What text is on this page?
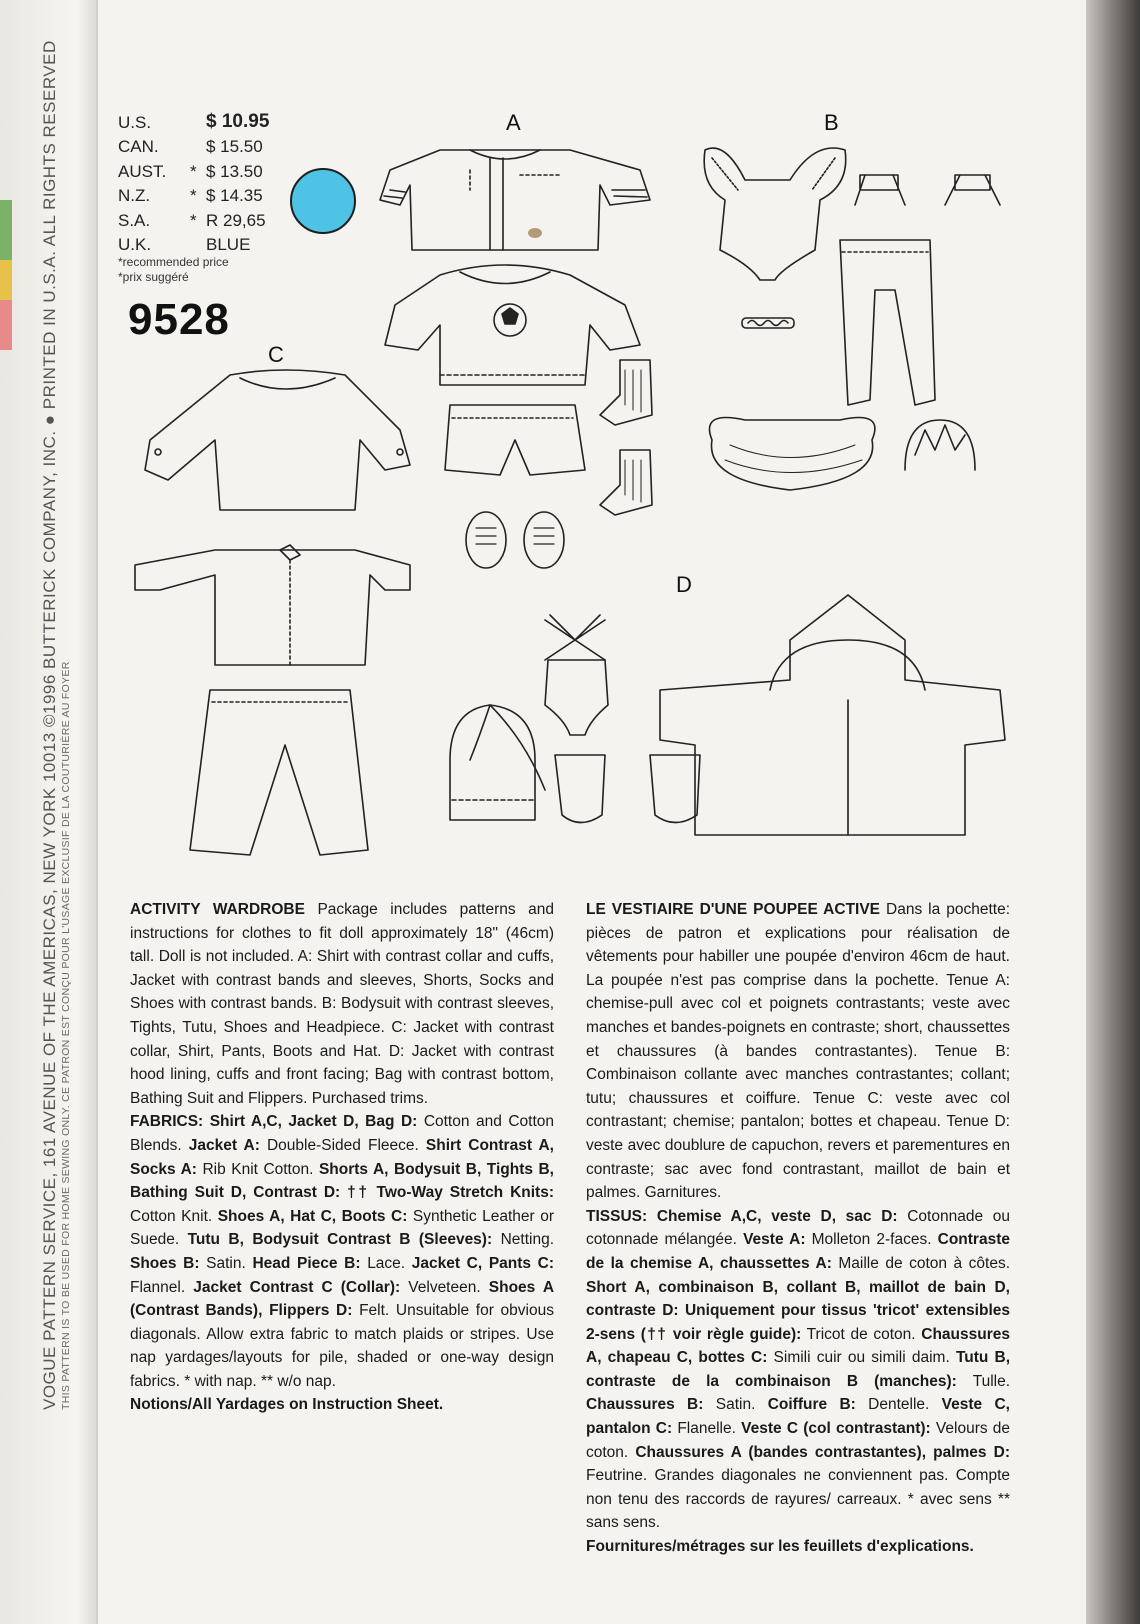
VOGUE PATTERN SERVICE, 161 AVENUE OF THE AMERICAS, NEW YORK 10013 ©1996 BUTTERICK COMPANY, INC. ● PRINTED IN U.S.A. ALL RIGHTS RESERVED THIS PATTERN IS TO BE USED FOR HOME SEWING ONLY. CE PATRON EST CONÇU POUR L'USAGE EXCLUSIF DE LA COUTURIÈRE AU FOYER
U.S.	$ 10.95
CAN.	$ 15.50
AUST.	* $ 13.50
N.Z.	* $ 14.35
S.A.	* R 29,65
U.K.	BLUE
*recommended price
*prix suggéré
9528
A	B
C
D
ACTIVITY WARDROBE Package includes patterns and instructions for clothes to fit doll approximately 18" (46cm) tall. Doll is not included. A: Shirt with contrast collar and cuffs, Jacket with contrast bands and sleeves, Shorts, Socks and Shoes with contrast bands. B: Bodysuit with contrast sleeves, Tights, Tutu, Shoes and Headpiece. C: Jacket with contrast collar, Shirt, Pants, Boots and Hat. D: Jacket with contrast hood lining, cuffs and front facing; Bag with contrast bottom, Bathing Suit and Flippers. Purchased trims.
FABRICS: Shirt A,C, Jacket D, Bag D: Cotton and Cotton Blends. Jacket A: Double-Sided Fleece. Shirt Contrast A, Socks A: Rib Knit Cotton. Shorts A, Bodysuit B, Tights B, Bathing Suit D, Contrast D: †† Two-Way Stretch Knits: Cotton Knit. Shoes A, Hat C, Boots C: Synthetic Leather or Suede. Tutu B, Bodysuit Contrast B (Sleeves): Netting. Shoes B: Satin. Head Piece B: Lace. Jacket C, Pants C: Flannel. Jacket Contrast C (Collar): Velveteen. Shoes A (Contrast Bands), Flippers D: Felt. Unsuitable for obvious diagonals. Allow extra fabric to match plaids or stripes. Use nap yardages/layouts for pile, shaded or one-way design fabrics. * with nap. ** w/o nap.
Notions/All Yardages on Instruction Sheet.
LE VESTIAIRE D'UNE POUPEE ACTIVE Dans la pochette: pièces de patron et explications pour réalisation de vêtements pour habiller une poupée d'environ 46cm de haut. La poupée n'est pas comprise dans la pochette. Tenue A: chemise-pull avec col et poignets contrastants; veste avec manches et bandes-poignets en contraste; short, chaussettes et chaussures (à bandes contrastantes). Tenue B: Combinaison collante avec manches contrastantes; collant; tutu; chaussures et coiffure. Tenue C: veste avec col contrastant; chemise; pantalon; bottes et chapeau. Tenue D: veste avec doublure de capuchon, revers et parementures en contraste; sac avec fond contrastant, maillot de bain et palmes. Garnitures.
TISSUS: Chemise A,C, veste D, sac D: Cotonnade ou cotonnade mélangée. Veste A: Molleton 2-faces. Contraste de la chemise A, chaussettes A: Maille de coton à côtes. Short A, combinaison B, collant B, maillot de bain D, contraste D: Uniquement pour tissus 'tricot' extensibles 2-sens (†† voir règle guide): Tricot de coton. Chaussures A, chapeau C, bottes C: Simili cuir ou simili daim. Tutu B, contraste de la combinaison B (manches): Tulle. Chaussures B: Satin. Coiffure B: Dentelle. Veste C, pantalon C: Flanelle. Veste C (col contrastant): Velours de coton. Chaussures A (bandes contrastantes), palmes D: Feutrine. Grandes diagonales ne conviennent pas. Compte non tenu des raccords de rayures/ carreaux. * avec sens ** sans sens.
Fournitures/métrages sur les feuillets d'explications.
